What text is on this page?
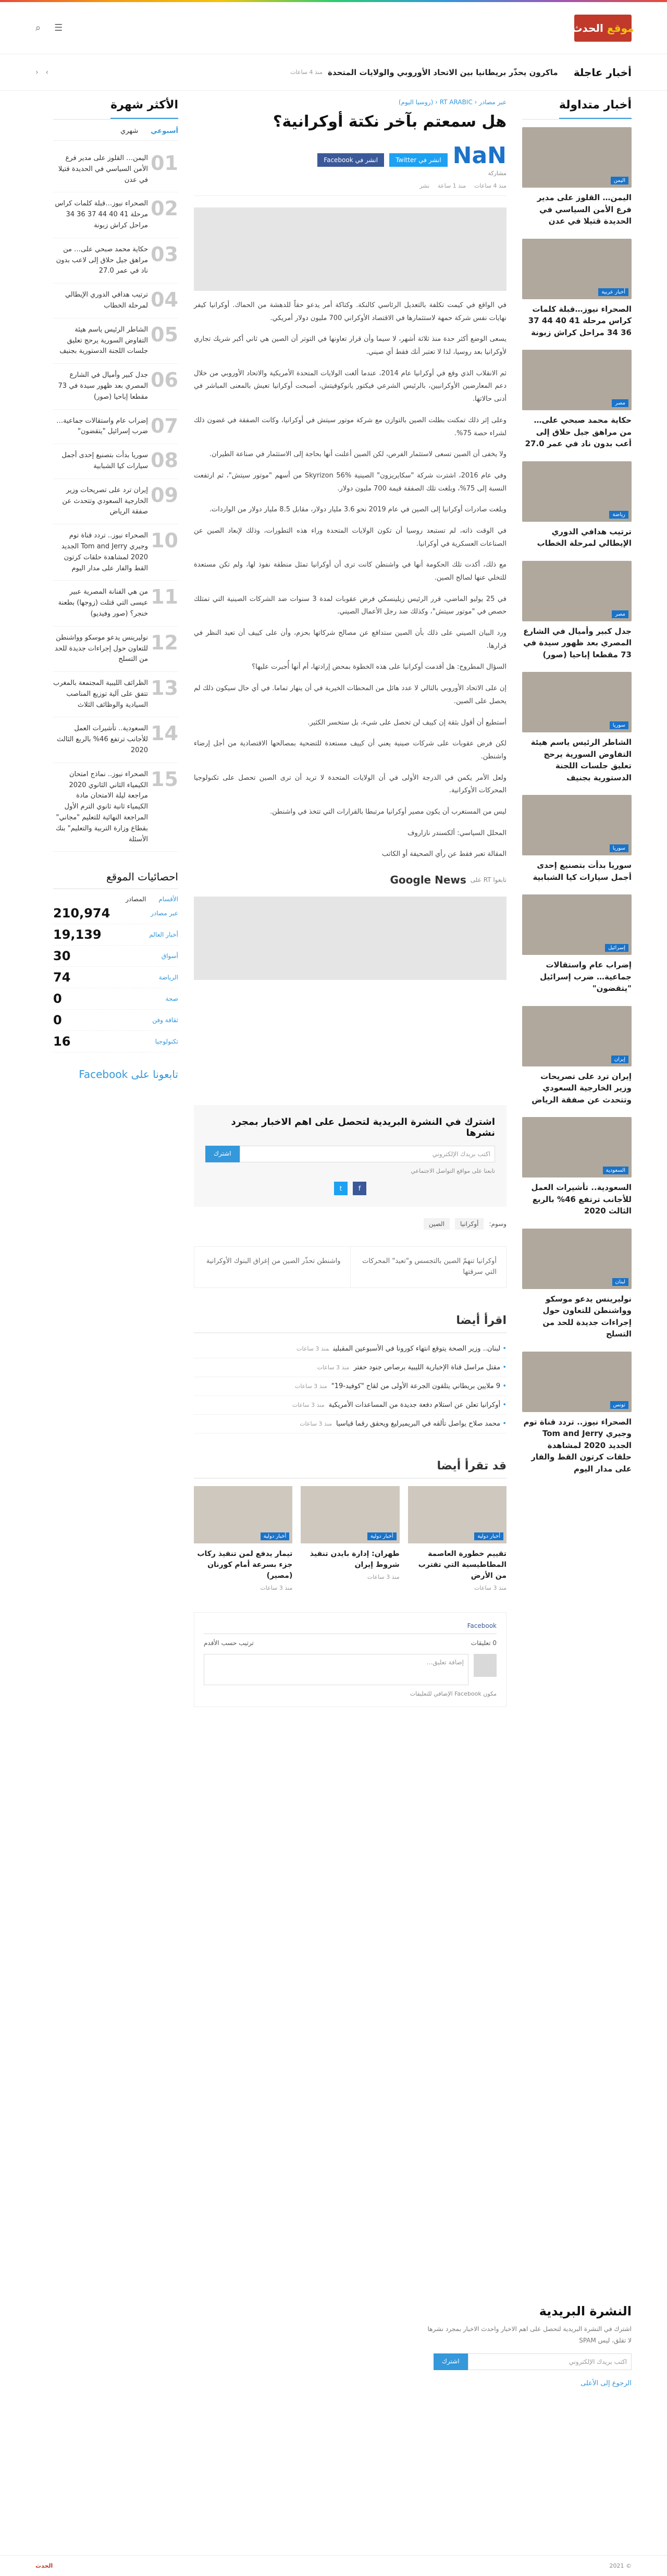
موقع

الحدث
☰
⌕
أخبار عاجلة
ماكرون يحذّر بريطانيا بين الاتحاد الأوروبي والولايات المتحدة
منذ 4 ساعات
›
‹
أخبار متداولة
اليمن
اليمن… القلوز على مدير فرع الأمن السياسي في الحديدة قتيلا في عدن
أخبار عربية
الصحراء نيوز…قبلة كلمات كراس مرحلة 41 40 44 37 36 34 مراحل كراش زبونة
مصر
حكاية محمد صبحي على… من مراهق جيل حلاق إلى أعب بدون ناد في عمر 27.0
رياضة
ترتيب هدافي الدوري الإيطالي لمرحلة الخطاب
مصر
جدل كبير وأميال في الشارع المصري بعد ظهور سيدة في 73 مقطعا إباحيا (صور)
سوريا
الشاطر الرئيس ياسم هيئة التفاوض السورية يرحج تعليق جلسات اللجنة الدستورية بجنيف
سوريا
سوريا بدأت بتصنيع إحدى أجمل سيارات كيا الشبابية
إسرائيل
إضراب عام واستقالات جماعية… ضرب إسرائيل "يتقضون"
إيران
إيران ترد على تصريحات وزير الخارجية السعودي وتتحدث عن صفقة الرياض
السعودية
السعودية.. تأشيرات العمل للأجانب ترتفع 46% بالربع الثالث 2020
لبنان
نوليرينس يدعو موسكو وواشنطن للتعاون حول إجراءات جديدة للحد من التسلح
تونس
الصحراء نيوز.. تردد قناة توم وجيري Tom and Jerry الجديد 2020 لمشاهدة حلقات كرتون القط والفار على مدار اليوم
عبر مصادر ‹ RT ARABIC ‹ (روسيا اليوم)
هل سمعتم بآخر نكتة أوكرانية؟
NaN
مشاركة
انشر في Twitter
انشر في Facebook
منذ 4 ساعات
منذ 1 ساعة
نشر

في الواقع في كيمت تكلفة بالتعديل الرئاسي كالنكة. وكتاكة أمر يدعو حقاً للدهشة من الحماك. أوكرانيا كيفر نهايات نفس شركة حمهة لاستثمارها في الاقتصاد الأوكراني 700 مليون دولار أمريكي.

يسعى الوضع أكثر حدة منذ ثلاثة أشهر، لا سيما وأن قرار تعاونها في التوتر أن الصين هي ثاني أكبر شريك تجاري لأوكرانيا بعد روسيا، لذا لا تعتبر أنك فقط أي صيني.

ثم الانقلاب الذي وقع في أوكرانيا عام 2014، عندما ألغت الولايات المتحدة الأمريكية والاتحاد الأوروبي من خلال دعم المعارضين الأوكرانيين، بالرئيس الشرعي فيكتور يانوكوفيتش، أصبحت أوكرانيا تعيش بالمعنى المباشر في أدنى حالاتها.

وعلى إثر ذلك تمكنت بطلت الصين بالتوازن مع شركة موتور سيتش في أوكرانيا، وكانت الصفقة في غضون ذلك لشراء حصة 75%.

ولا يخفى أن الصين تسعى لاستثمار الفرص، لكن الصين أعلنت أنها بحاجة إلى الاستثمار في صناعة الطيران.

وفي عام 2016، اشترت شركة "سكايريزون" الصينية Skyrizon 56% من أسهم "موتور سيتش"، ثم ارتفعت النسبة إلى 75%، وبلغت تلك الصفقة قيمة 700 مليون دولار.

وبلغت صادرات أوكرانيا إلى الصين في عام 2019 نحو 3.6 مليار دولار، مقابل 8.5 مليار دولار من الواردات.

في الوقت ذاته، لم تستبعد روسيا أن تكون الولايات المتحدة وراء هذه التطورات، وذلك لإبعاد الصين عن الصناعات العسكرية في أوكرانيا.

مع ذلك، أكدت تلك الحكومة أنها في واشنطن كانت ترى أن أوكرانيا تمثل منطقة نفوذ لها، ولم تكن مستعدة للتخلي عنها لصالح الصين.

في 25 يوليو الماضي، قرر الرئيس زيلينسكي فرض عقوبات لمدة 3 سنوات ضد الشركات الصينية التي تمتلك حصص في "موتور سيتش"، وكذلك ضد رجل الأعمال الصيني.

ورد البيان الصيني على ذلك بأن الصين ستدافع عن مصالح شركاتها بحزم، وأن على كييف أن تعيد النظر في قرارها.

السؤال المطروح: هل أقدمت أوكرانيا على هذه الخطوة بمحض إرادتها، أم أنها أُجبرت عليها؟

إن على الاتحاد الأوروبي بالتالي لا عدد هائل من المحطات الخيرية في أن ينهار تماما. في أي حال سيكون ذلك لم يحصل على الصين.

أستطيع أن أقول بثقة إن كييف لن تحصل على شيء، بل ستخسر الكثير.

لكن فرض عقوبات على شركات صينية يعني أن كييف مستعدة للتضحية بمصالحها الاقتصادية من أجل إرضاء واشنطن.

ولعل الأمر يكمن في الدرجة الأولى في أن الولايات المتحدة لا تريد أن ترى الصين تحصل على تكنولوجيا المحركات الأوكرانية.

ليس من المستغرب أن يكون مصير أوكرانيا مرتبطا بالقرارات التي تتخذ في واشنطن.

المحلل السياسي: ألكسندر نازاروف

المقالة تعبر فقط عن رأي الصحيفة أو الكاتب

تابعوا RT على
Google News
اشترك في النشرة البريدية لتحصل على اهم الاخبار بمجرد نشرها
اكتب بريدك الإلكتروني
اشترك
تابعنا على مواقع التواصل الاجتماعي
f
t
وسوم:
أوكرانيا
الصين
أوكرانيا تنهمّ الصين بالتجسس و"تعيد" المحركات التي سرقتها
واشنطن تحذّر الصين من إغراق البنوك الأوكرانية
اقرأ أيضا
• لبنان.. وزير الصحة يتوقع انتهاء كورونا في الأسبوعين المقبلينمنذ 3 ساعات
• مقتل مراسل قناة الإخبارية الليبية برصاص جنود حفترمنذ 3 ساعات
• 9 ملايين بريطاني يتلقون الجرعة الأولى من لقاح "كوفيد-19"منذ 3 ساعات
• أوكرانيا تعلن عن استلام دفعة جديدة من المساعدات الأمريكيةمنذ 3 ساعات
• محمد صلاح يواصل تألقه في البريميرليغ ويحقق رقما قياسيامنذ 3 ساعات
قد تقرأ أيضا
أخبار دولية
تقييم خطورة العاصمة المطاطيسية التي تقترب من الأرض
منذ 3 ساعات
أخبار دولية
طهران: إدارة بايدن تنفيذ شروط إيران
منذ 3 ساعات
أخبار دولية
تيمار يدفع لمن تنفيذ ركاب جزء بسرعة أمام كورنان (مصير)
منذ 3 ساعات
Facebook
0 تعليقات
ترتيب حسب الأقدم
إضافة تعليق...
مكون Facebook الإضافي للتعليقات
الأكثر شهرة
أسبوعي
شهري
01
اليمن… القلوز على مدير فرع الأمن السياسي في الحديدة قتيلا في عدن
02
الصحراء نيوز…قبلة كلمات كراس مرحلة 41 40 44 37 36 34 مراحل كراش زبونة
03
حكاية محمد صبحي على… من مراهق جيل حلاق إلى لاعب بدون ناد في عمر 27.0
04
ترتيب هدافي الدوري الإيطالي لمرحلة الخطاب
05
الشاطر الرئيس ياسم هيئة التفاوض السورية يرحج تعليق جلسات اللجنة الدستورية بجنيف
06
جدل كبير وأميال في الشارع المصري بعد ظهور سيدة في 73 مقطعا إباحيا (صور)
07
إضراب عام واستقالات جماعية… ضرب إسرائيل "يتقضون"
08
سوريا بدأت بتصنيع إحدى أجمل سيارات كيا الشبابية
09
إيران ترد على تصريحات وزير الخارجية السعودي وتتحدث عن صفقة الرياض
10
الصحراء نيوز.. تردد قناة توم وجيري Tom and Jerry الجديد 2020 لمشاهدة حلقات كرتون القط والفار على مدار اليوم
11
من هي الفنانة المصرية عبير عيسى التي قتلت (زوجها) بطعنة خنجر؟ (صور وفيديو)
12
نوليرينس يدعو موسكو وواشنطن للتعاون حول إجراءات جديدة للحد من التسلح
13
الظرائف الليبية المجتمعة بالمغرب تتفق على آلية توزيع المناصب السيادية والوظائف الثلاث
14
السعودية.. تأشيرات العمل للأجانب ترتفع 46% بالربع الثالث 2020
15
الصحراء نيوز.. نماذج امتحان الكيمياء الثاني الثانوي 2020 مراجعة ليلة الامتحان مادة الكيمياء ثانية ثانوي الترم الأول المراجعة النهائية للتعليم "مجاني" بقطاع وزارة التربية والتعليم" بنك الأسئلة
احصائيات الموقع
الأقسام
المصادر
عبر مصادر
210,974
أخبار العالم
19,139
أسواق
30
الرياضة
74
صحة
0
ثقافة وفن
0
تكنولوجيا
16
تابعونا على Facebook
النشرة البريدية

اشترك في النشرة البريدية لتحصل على اهم الاخبار واحدث الاخبار بمجرد نشرها

لا تقلق، ليس SPAM

اكتب بريدك الإلكتروني
اشترك
الرجوع إلى الأعلى
© 2021
الحدث
